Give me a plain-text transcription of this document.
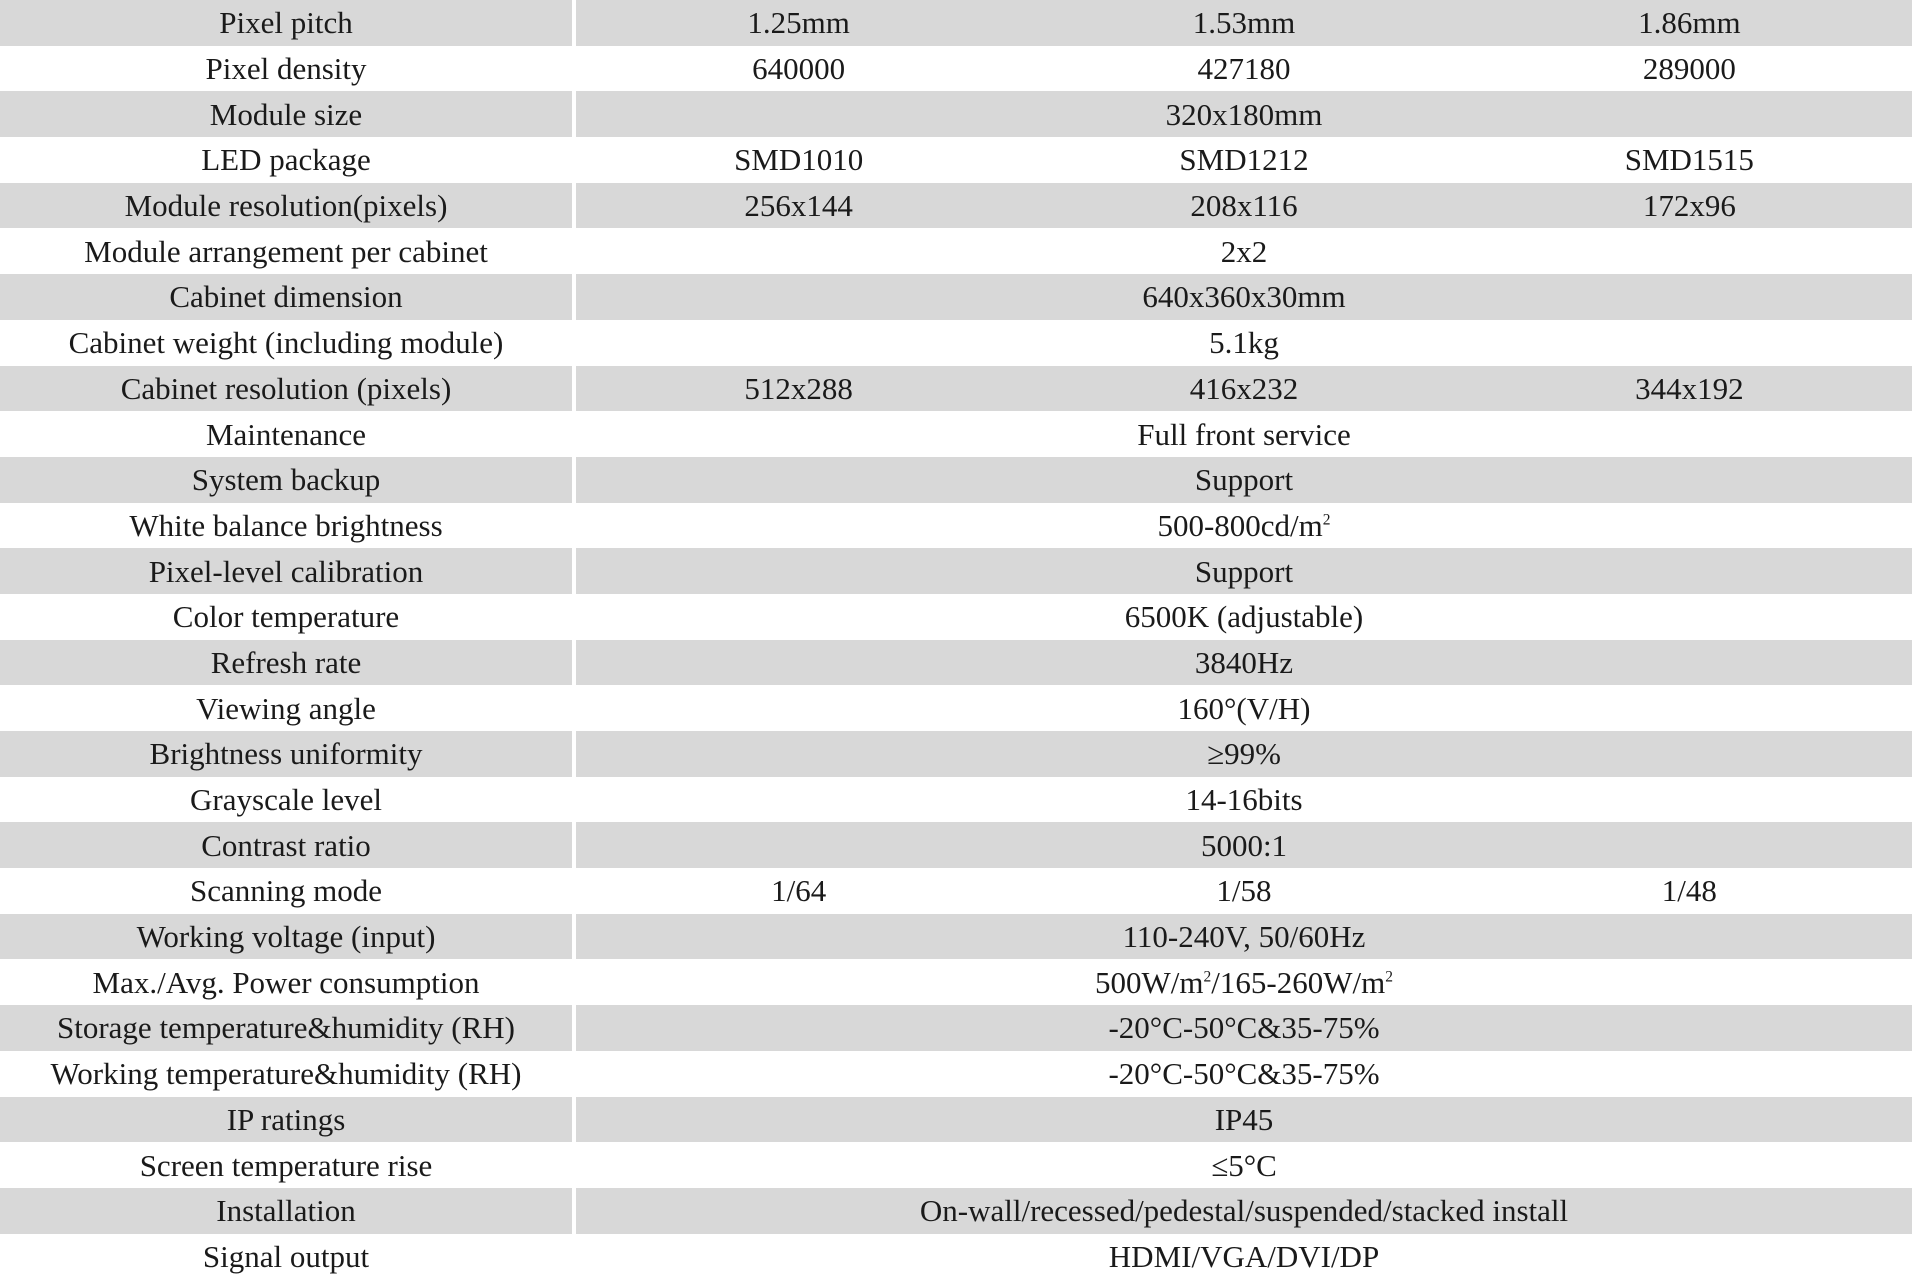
Pixel pitch	1.25mm	1.53mm	1.86mm
Pixel density	640000	427180	289000
Module size	320x180mm		
LED package	SMD1010	SMD1212	SMD1515
Module resolution(pixels)	256x144	208x116	172x96
Module arrangement per cabinet	2x2		
Cabinet dimension	640x360x30mm		
Cabinet weight (including module)	5.1kg		
Cabinet resolution (pixels)	512x288	416x232	344x192
Maintenance	Full front service		
System backup	Support		
White balance brightness	$500-800cd/m^2$
Pixel-level calibration	Support		
Color temperature	6500K (adjustable)		
Refresh rate	3840Hz		
Viewing angle	160°(V/H)		
Brightness uniformity	≥99%		
Grayscale level	14-16bits		
Contrast ratio	5000:1		
Scanning mode	1/64	1/58	1/48
Working voltage (input)	110-240V, 50/60Hz		
Max./Avg. Power consumption	$500W/m^2/165-260W/m^2$
Storage temperature&humidity (RH)	-20°C-50°C&35-75%		
Working temperature&humidity (RH)	-20°C-50°C&35-75%		
IP ratings	IP45		
Screen temperature rise	≤5°C		
Installation	On-wall/recessed/pedestal/suspended/stacked install		
Signal output	HDMI/VGA/DVI/DP		
